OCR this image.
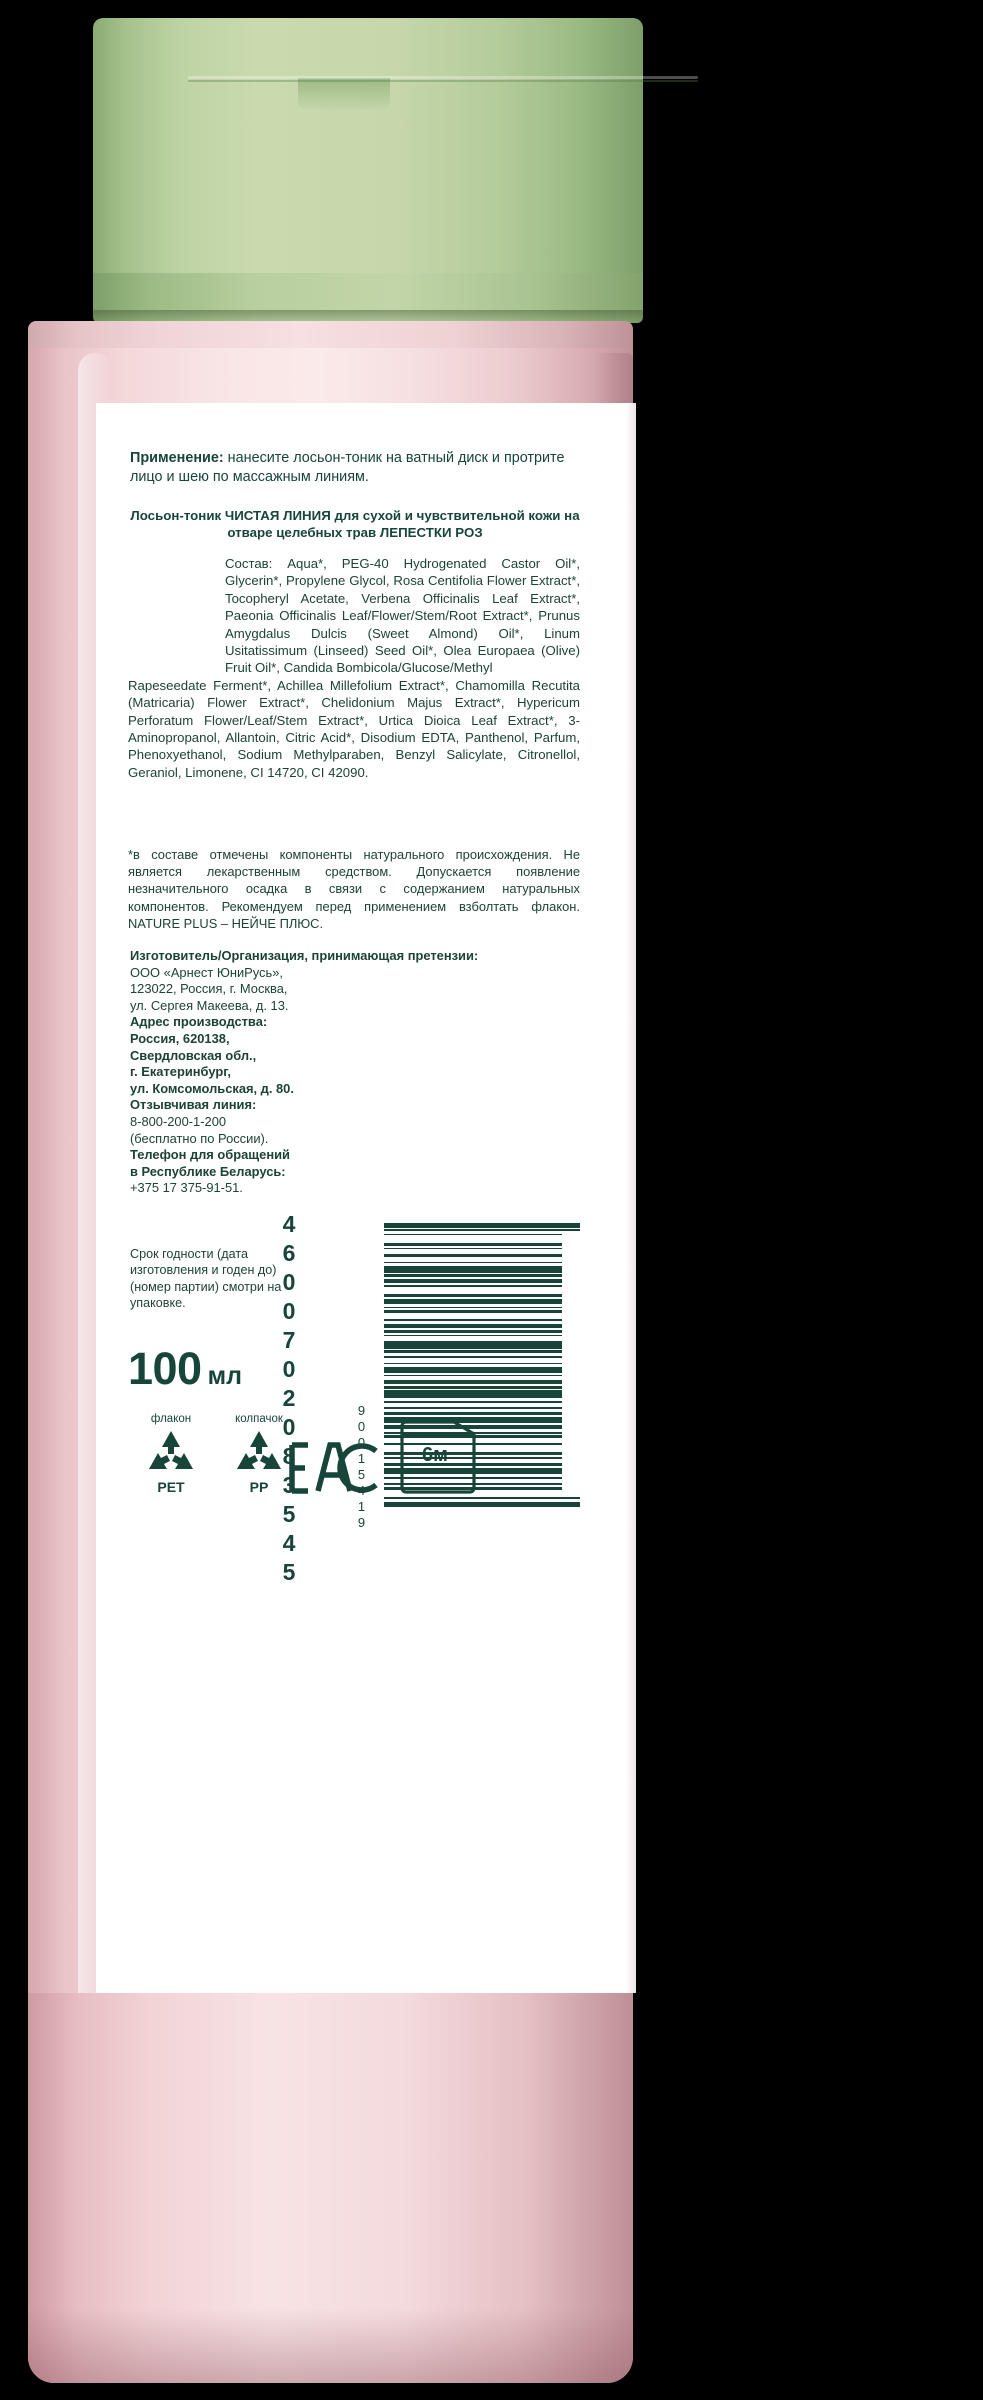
Применение: нанесите лосьон-тоник на ватный диск и протрите лицо и шею по массажным линиям.
Лосьон-тоник ЧИСТАЯ ЛИНИЯ для сухой и чувствительной кожи на отваре целебных трав ЛЕПЕСТКИ РОЗ
Состав: Aqua*, PEG-40 Hydrogenated Castor Oil*, Glycerin*, Propylene Glycol, Rosa Centifolia Flower Extract*, Tocopheryl Acetate, Verbena Officinalis Leaf Extract*, Paeonia Officinalis Leaf/Flower/Stem/Root Extract*, Prunus Amygdalus Dulcis (Sweet Almond) Oil*, Linum Usitatissimum (Linseed) Seed Oil*, Olea Europaea (Olive) Fruit Oil*, Candida Bombicola/Glucose/Methyl
Rapeseedate Ferment*, Achillea Millefolium Extract*, Chamomilla Recutita (Matricaria) Flower Extract*, Chelidonium Majus Extract*, Hypericum Perforatum Flower/Leaf/Stem Extract*, Urtica Dioica Leaf Extract*, 3-Aminopropanol, Allantoin, Citric Acid*, Disodium EDTA, Panthenol, Parfum, Phenoxyethanol, Sodium Methylparaben, Benzyl Salicylate, Citronellol, Geraniol, Limonene, CI 14720, CI 42090.
*в составе отмечены компоненты натурального происхождения. Не является лекарственным средством. Допускается появление незначительного осадка в связи с содержанием натуральных компонентов. Рекомендуем перед применением взболтать флакон. NATURE PLUS – НЕЙЧЕ ПЛЮС.
Изготовитель/Организация, принимающая претензии:
ООО «Арнест ЮниРусь»,
123022, Россия, г. Москва,
ул. Сергея Макеева, д. 13.
Адрес производства:
Россия, 620138,
Свердловская обл.,
г. Екатеринбург,
ул. Комсомольская, д. 80.
Отзывчивая линия:
8-800-200-1-200
(бесплатно по России).
Телефон для обращений
в Республике Беларусь:
+375 17 375-91-51.
Срок годности (дата
изготовления и годен до)
(номер партии) смотри на
упаковке.
100 мл 4600702083545	90015419	6м
флакон
PET
колпачок
PP
